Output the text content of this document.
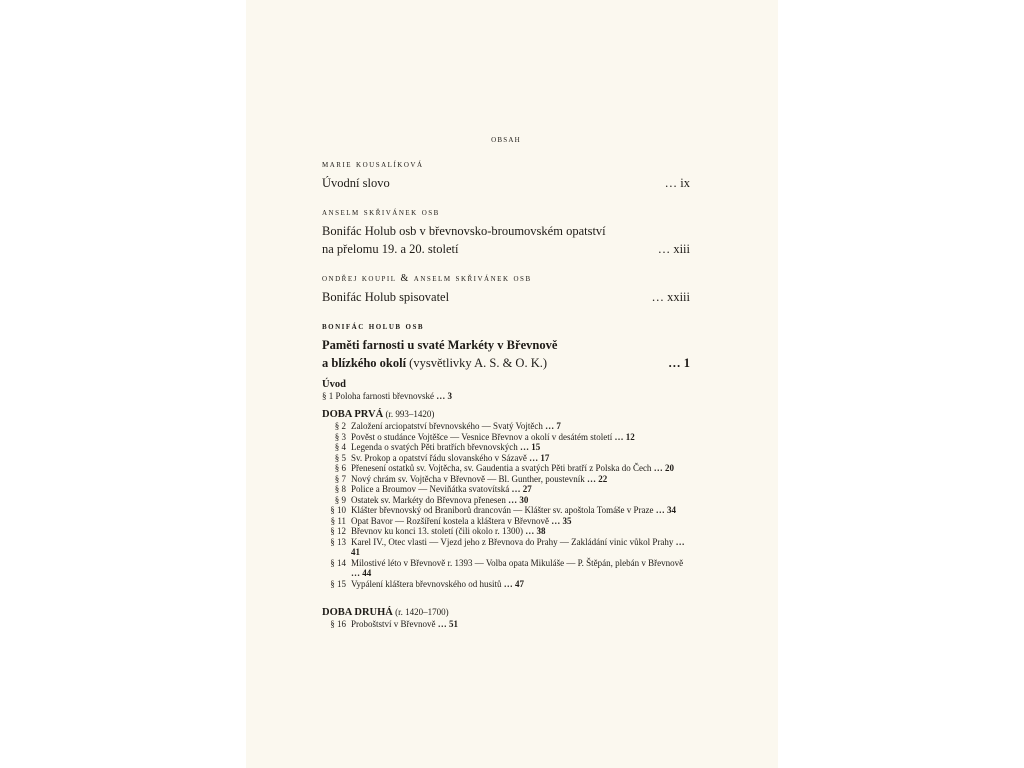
obsah
marie kousalíková
Úvodní slovo	… ix
anselm skřivánek osb
Bonifác Holub osb v břevnovsko-broumovském opatství
na přelomu 19. a 20. století	… xiii
ondřej koupil & anselm skřivánek osb
Bonifác Holub spisovatel	… xxiii
bonifác holub osb
Paměti farnosti u svaté Markéty v Břevnově
a blízkého okolí (vysvětlivky A. S. & O. K.)	… 1
Úvod
§ 1 Poloha farnosti břevnovské … 3
DOBA PRVÁ (r. 993–1420)
§ 2 Založení arciopatství břevnovského — Svatý Vojtěch … 7
§ 3 Pověst o studánce Vojtěšce — Vesnice Břevnov a okolí v desátém století … 12
§ 4 Legenda o svatých Pěti bratřích břevnovských … 15
§ 5 Sv. Prokop a opatství řádu slovanského v Sázavě … 17
§ 6 Přenesení ostatků sv. Vojtěcha, sv. Gaudentia a svatých Pěti bratří z Polska do Čech … 20
§ 7 Nový chrám sv. Vojtěcha v Břevnově — Bl. Gunther, poustevník … 22
§ 8 Police a Broumov — Neviňátka svatovítská … 27
§ 9 Ostatek sv. Markéty do Břevnova přenesen … 30
§ 10 Klášter břevnovský od Braniborů drancován — Klášter sv. apoštola Tomáše v Praze … 34
§ 11 Opat Bavor — Rozšíření kostela a kláštera v Břevnově … 35
§ 12 Břevnov ku konci 13. století (čili okolo r. 1300) … 38
§ 13 Karel IV., Otec vlasti — Vjezd jeho z Břevnova do Prahy — Zakládání vinic vůkol Prahy … 41
§ 14 Milostivé léto v Břevnově r. 1393 — Volba opata Mikuláše — P. Štěpán, plebán v Břevnově … 44
§ 15 Vypálení kláštera břevnovského od husitů … 47
DOBA DRUHÁ (r. 1420–1700)
§ 16 Proboštství v Břevnově … 51
